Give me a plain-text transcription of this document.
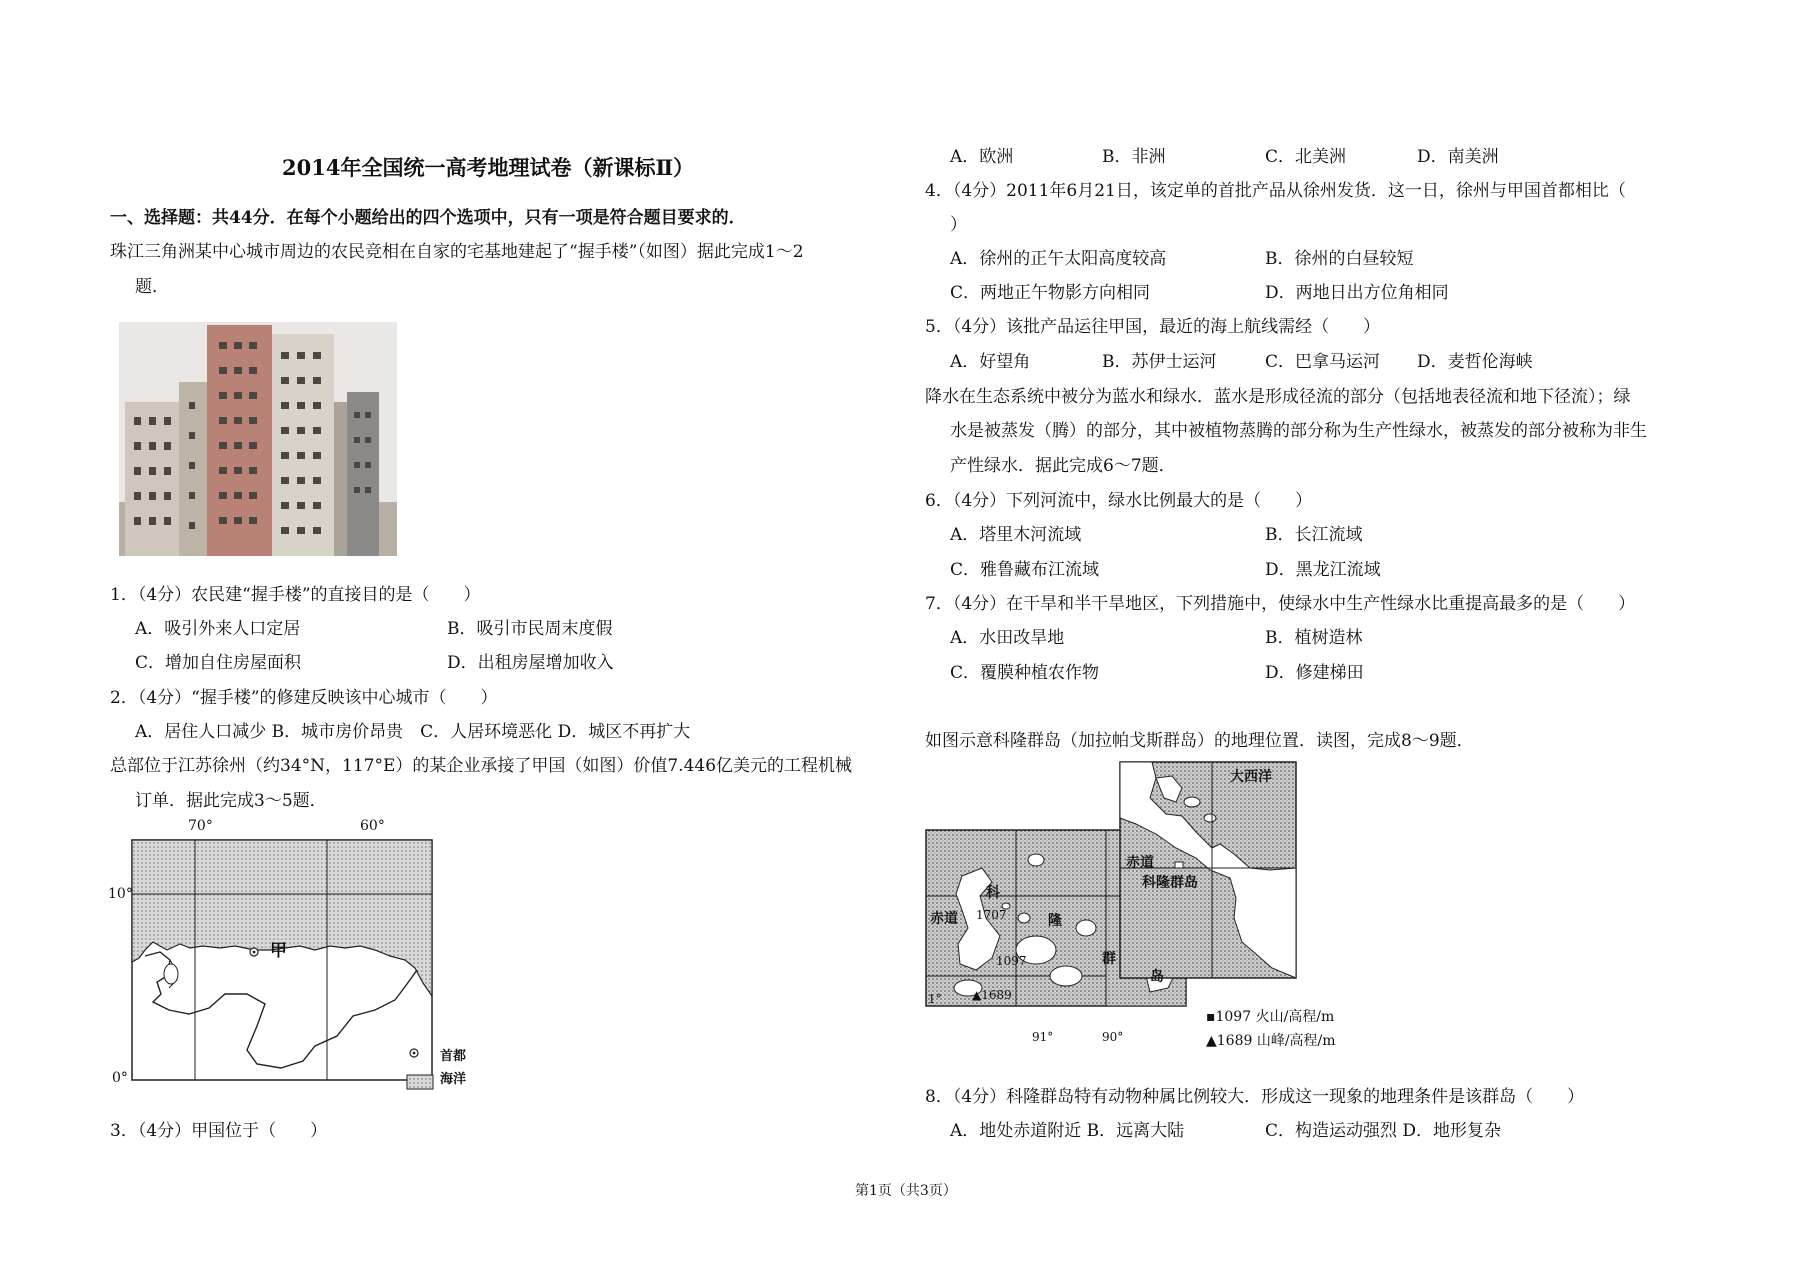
2014年全国统一高考地理试卷（新课标Ⅱ）
一、选择题：共44分．在每个小题给出的四个选项中，只有一项是符合题目要求的．
珠江三角洲某中心城市周边的农民竞相在自家的宅基地建起了“握手楼”（如图）据此完成1～2
题．
1．（4分）农民建“握手楼”的直接目的是（　　）
A．吸引外来人口定居	B．吸引市民周末度假
C．增加自住房屋面积	D．出租房屋增加收入
2．（4分）“握手楼”的修建反映该中心城市（　　）
A．居住人口减少 B．城市房价昂贵　C．人居环境恶化 D．城区不再扩大
总部位于江苏徐州（约34°N，117°E）的某企业承接了甲国（如图）价值7.446亿美元的工程机械
订单．据此完成3～5题．
70°	60°
10°
0°
甲
首都
海洋
3．（4分）甲国位于（　　）
A．欧洲	B．非洲	C．北美洲	D．南美洲
4．（4分）2011年6月21日，该定单的首批产品从徐州发货．这一日，徐州与甲国首都相比（
）
A．徐州的正午太阳高度较高	B．徐州的白昼较短
C．两地正午物影方向相同	D．两地日出方位角相同
5．（4分）该批产品运往甲国，最近的海上航线需经（　　）
A．好望角	B．苏伊士运河	C．巴拿马运河 D．麦哲伦海峡
降水在生态系统中被分为蓝水和绿水．蓝水是形成径流的部分（包括地表径流和地下径流）；绿
水是被蒸发（腾）的部分，其中被植物蒸腾的部分称为生产性绿水，被蒸发的部分被称为非生
产性绿水．据此完成6～7题．
6．（4分）下列河流中，绿水比例最大的是（　　）
A．塔里木河流域	B．长江流域
C．雅鲁藏布江流域	D．黑龙江流域
7．（4分）在干旱和半干旱地区，下列措施中，使绿水中生产性绿水比重提高最多的是（　　）
A．水田改旱地	B．植树造林
C．覆膜种植农作物	D．修建梯田
如图示意科隆群岛（加拉帕戈斯群岛）的地理位置．读图，完成8～9题．
大西洋
赤道
科隆群岛
赤道
科
隆
群
岛
1707
1097
▲1689
1°
91°	90°
▪1097 火山/高程/m
▲1689 山峰/高程/m
8．（4分）科隆群岛特有动物种属比例较大．形成这一现象的地理条件是该群岛（　　）
A．地处赤道附近 B．远离大陆	C．构造运动强烈 D．地形复杂
第1页（共3页）
